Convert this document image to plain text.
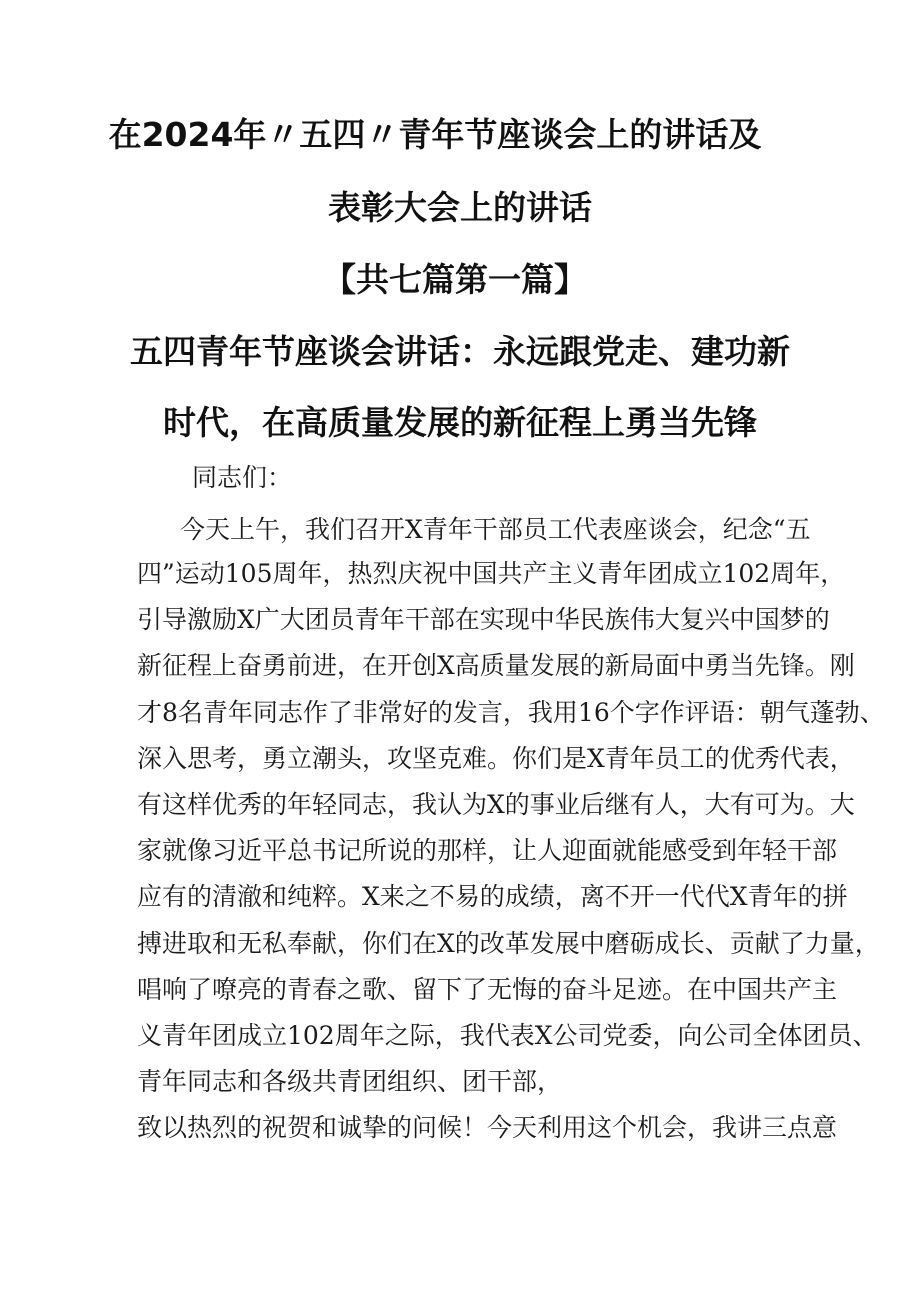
在2024年〃五四〃青年节座谈会上的讲话及
表彰大会上的讲话
【共七篇第一篇】
五四青年节座谈会讲话：永远跟党走、建功新
时代，在高质量发展的新征程上勇当先锋
同志们：
今天上午，我们召开X青年干部员工代表座谈会，纪念“五
四”运动105周年，热烈庆祝中国共产主义青年团成立102周年，
引导激励X广大团员青年干部在实现中华民族伟大复兴中国梦的
新征程上奋勇前进，在开创X高质量发展的新局面中勇当先锋。刚
才8名青年同志作了非常好的发言，我用16个字作评语：朝气蓬勃、
深入思考，勇立潮头，攻坚克难。你们是X青年员工的优秀代表，
有这样优秀的年轻同志，我认为X的事业后继有人，大有可为。大
家就像习近平总书记所说的那样，让人迎面就能感受到年轻干部
应有的清澈和纯粹。X来之不易的成绩，离不开一代代X青年的拼
搏进取和无私奉献，你们在X的改革发展中磨砺成长、贡献了力量，
唱响了嘹亮的青春之歌、留下了无悔的奋斗足迹。在中国共产主
义青年团成立102周年之际，我代表X公司党委，向公司全体团员、
青年同志和各级共青团组织、团干部，
致以热烈的祝贺和诚挚的问候！今天利用这个机会，我讲三点意
